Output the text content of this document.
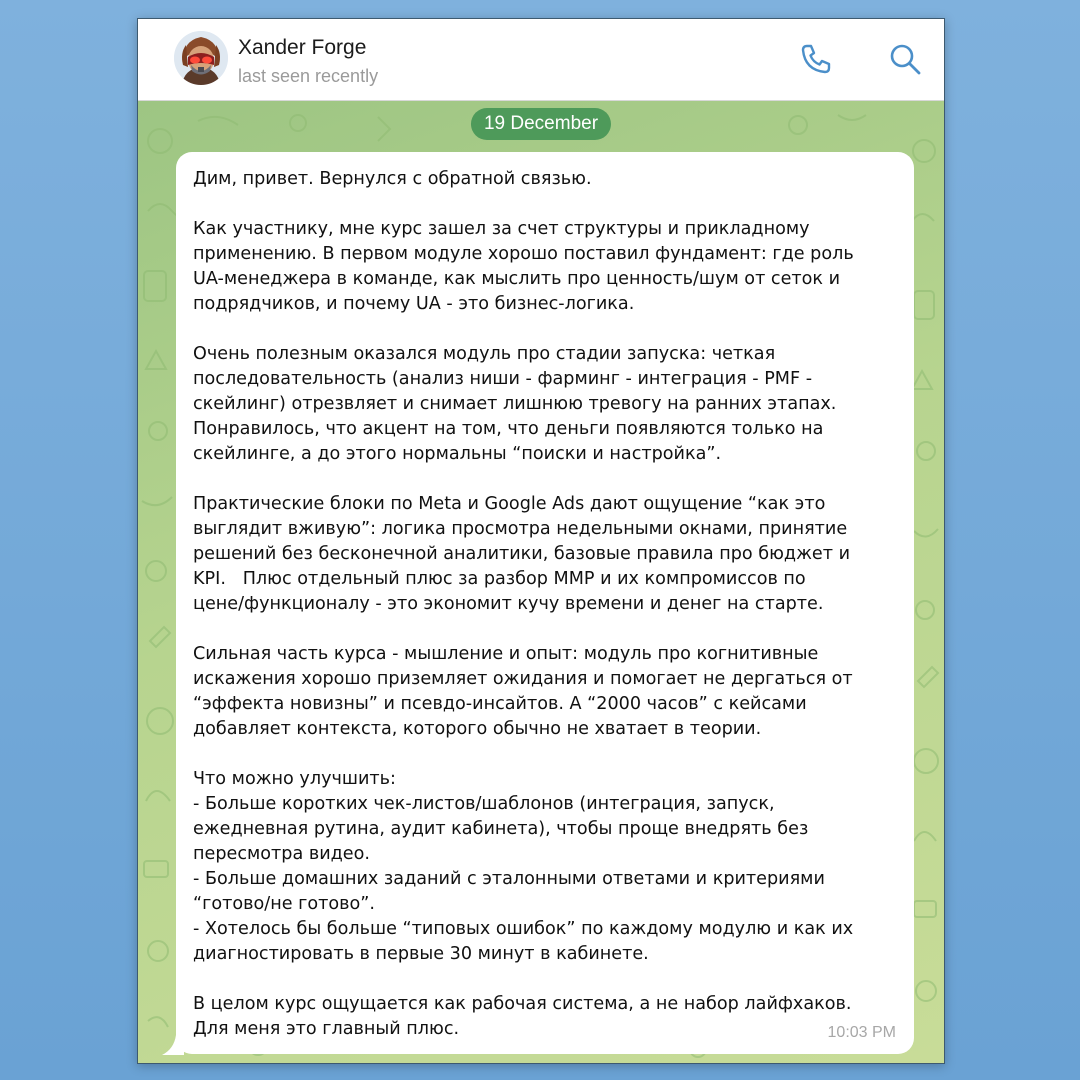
Xander Forge
last seen recently
19 December
Дим, привет. Вернулся с обратной связью.

Как участнику, мне курс зашел за счет структуры и прикладному
применению. В первом модуле хорошо поставил фундамент: где роль
UA-менеджера в команде, как мыслить про ценность/шум от сеток и
подрядчиков, и почему UA - это бизнес-логика.

Очень полезным оказался модуль про стадии запуска: четкая
последовательность (анализ ниши - фарминг - интеграция - PMF -
скейлинг) отрезвляет и снимает лишнюю тревогу на ранних этапах.
Понравилось, что акцент на том, что деньги появляются только на
скейлинге, а до этого нормальны “поиски и настройка”.

Практические блоки по Meta и Google Ads дают ощущение “как это
выглядит вживую”: логика просмотра недельными окнами, принятие
решений без бесконечной аналитики, базовые правила про бюджет и
KPI.   Плюс отдельный плюс за разбор MMP и их компромиссов по
цене/функционалу - это экономит кучу времени и денег на старте.

Сильная часть курса - мышление и опыт: модуль про когнитивные
искажения хорошо приземляет ожидания и помогает не дергаться от
“эффекта новизны” и псевдо-инсайтов. А “2000 часов” с кейсами
добавляет контекста, которого обычно не хватает в теории.

Что можно улучшить:
- Больше коротких чек-листов/шаблонов (интеграция, запуск,
ежедневная рутина, аудит кабинета), чтобы проще внедрять без
пересмотра видео.
- Больше домашних заданий с эталонными ответами и критериями
“готово/не готово”.
- Хотелось бы больше “типовых ошибок” по каждому модулю и как их
диагностировать в первые 30 минут в кабинете.

В целом курс ощущается как рабочая система, а не набор лайфхаков.
Для меня это главный плюс.	10:03 PM
